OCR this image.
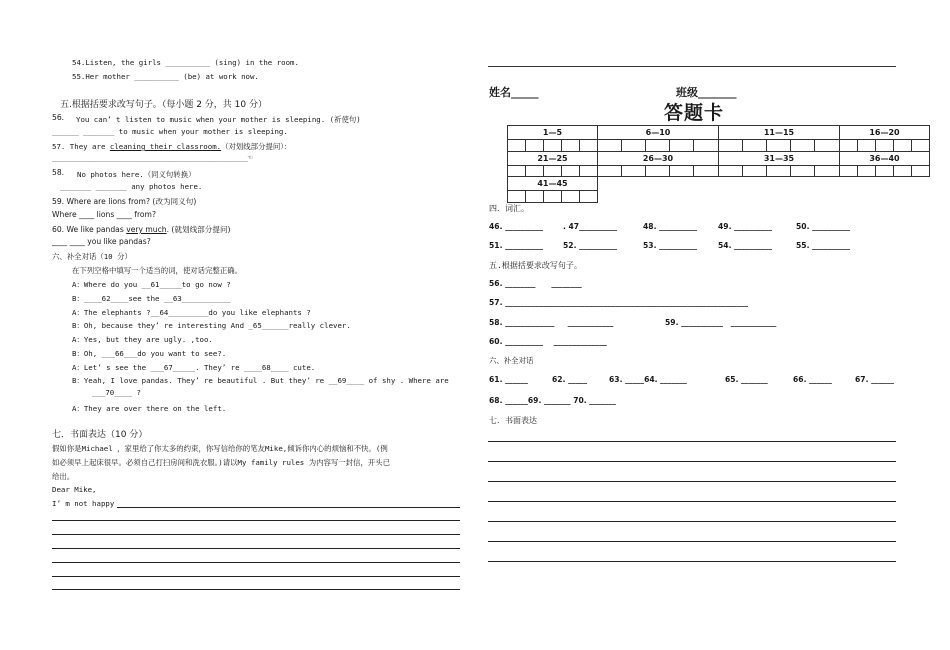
54.Listen, the girls __________ (sing) in the room.
55.Her mother __________ (be) at work now.
五.根据括要求改写句子。（每小题 2 分，共 10 分）
56. You can’ t listen to music when your mother is sleeping. (祈使句)
______ _______ to music when your mother is sleeping.
57. They are cleaning their classroom.（对划线部分提问）：
____________________________________________☜
58. No photos here.（同义句转换）
_______ _______ any photos here.
59. Where are lions from? (改为同义句)
Where ____ lions ____ from?
60. We like pandas very much. (就划线部分提问)
____ ____ you like pandas?
六、补全对话（10 分）
在下列空格中填写一个适当的词，使对话完整正确。
A：Where do you __61_____to go now ?
B：____62____see the __63___________
A：The elephants ?__64_________do you like elephants ?
B：Oh, because they’ re interesting And _65______really clever.
A：Yes, but they are ugly. ,too.
B：Oh, ___66___do you want to see?.
A：Let’ s see the ___67_____. They’ re ____68____ cute.
B：Yeah, I love pandas. They’ re beautiful . But they’ re __69____ of shy . Where are
___70____ ?
A：They are over there on the left.
七．书面表达（10 分）
假如你是Michael ，家里给了你太多的约束，你写信给你的笔友Mike,倾诉你内心的烦恼和不快。(例
如必须早上起床很早。必须自己打扫房间和洗衣服。)请以My family rules 为内容写一封信，开头已
给出。
Dear Mike,
I’ m not happy
姓名_____	班级_______
答题卡
1—5					6—10					11—15					16—20				

21—25					26—30					31—35					36—40				

41—45																			

四．词汇。
46. __________	. 47__________	48. __________	49. __________	50. __________
51. __________	52. __________	53. __________	54. __________	55. __________
五.根据括要求改写句子。
56. ________      ________
57. ________________________________________________________________
58. _____________     ____________	59. ___________   ____________
60. __________    ______________
六、补全对话
61. ______	62. _____	63. _____64. _______	65. _______	66. ______	67. ______
68. ______69. _______ 70. _______
七．书面表达
